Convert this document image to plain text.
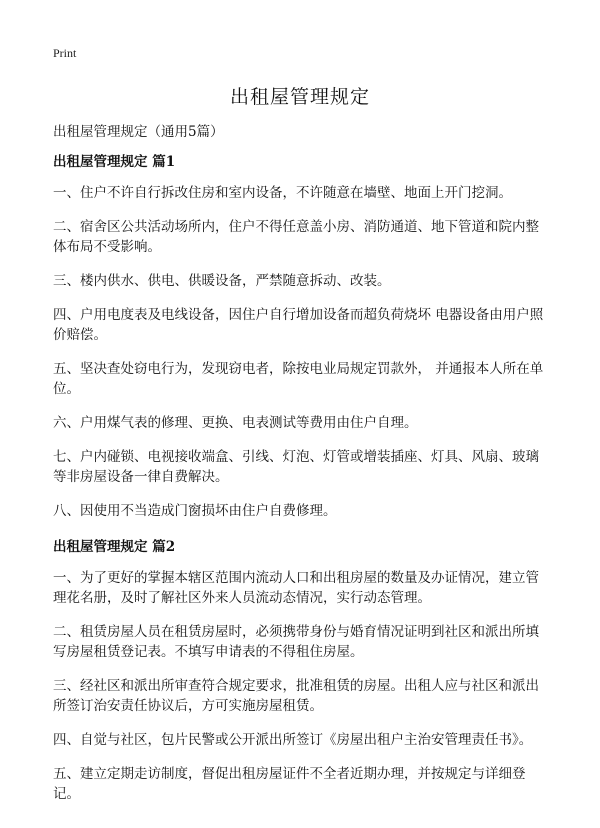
Print
出租屋管理规定
出租屋管理规定（通用5篇）
出租屋管理规定 篇1

一、住户不许自行拆改住房和室内设备，不许随意在墙壁、地面上开门挖洞。

二、宿舍区公共活动场所内，住户不得任意盖小房、消防通道、地下管道和院内整体布局不受影响。

三、楼内供水、供电、供暖设备，严禁随意拆动、改装。

四、户用电度表及电线设备，因住户自行增加设备而超负荷烧坏 电器设备由用户照价赔偿。

五、坚决查处窃电行为，发现窃电者，除按电业局规定罚款外， 并通报本人所在单位。

六、户用煤气表的修理、更换、电表测试等费用由住户自理。

七、户内碰锁、电视接收端盒、引线、灯泡、灯管或增装插座、灯具、风扇、玻璃等非房屋设备一律自费解决。

八、因使用不当造成门窗损坏由住户自费修理。

出租屋管理规定 篇2

一、为了更好的掌握本辖区范围内流动人口和出租房屋的数量及办证情况，建立管理花名册，及时了解社区外来人员流动态情况，实行动态管理。

二、租赁房屋人员在租赁房屋时，必须携带身份与婚育情况证明到社区和派出所填写房屋租赁登记表。不填写申请表的不得租住房屋。

三、经社区和派出所审查符合规定要求，批准租赁的房屋。出租人应与社区和派出所签订治安责任协议后，方可实施房屋租赁。

四、自觉与社区，包片民警或公开派出所签订《房屋出租户主治安管理责任书》。

五、建立定期走访制度，督促出租房屋证件不全者近期办理，并按规定与详细登记。
